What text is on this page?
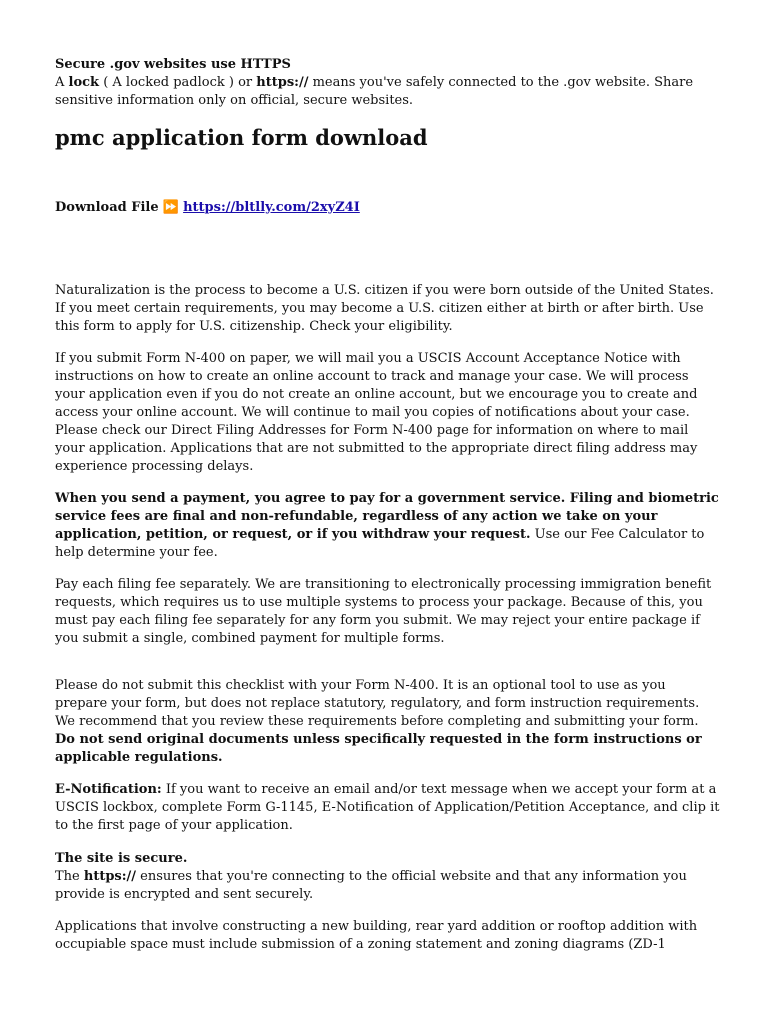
Secure .gov websites use HTTPS
A lock ( A locked padlock ) or https:// means you've safely connected to the .gov website. Share sensitive information only on official, secure websites.

pmc application form download

Download File ⏩ https://bltlly.com/2xyZ4I

Naturalization is the process to become a U.S. citizen if you were born outside of the United States. If you meet certain requirements, you may become a U.S. citizen either at birth or after birth. Use this form to apply for U.S. citizenship. Check your eligibility.

If you submit Form N-400 on paper, we will mail you a USCIS Account Acceptance Notice with instructions on how to create an online account to track and manage your case. We will process your application even if you do not create an online account, but we encourage you to create and access your online account. We will continue to mail you copies of notifications about your case. Please check our Direct Filing Addresses for Form N-400 page for information on where to mail your application. Applications that are not submitted to the appropriate direct filing address may experience processing delays.

When you send a payment, you agree to pay for a government service. Filing and biometric service fees are final and non-refundable, regardless of any action we take on your application, petition, or request, or if you withdraw your request. Use our Fee Calculator to help determine your fee.

Pay each filing fee separately. We are transitioning to electronically processing immigration benefit requests, which requires us to use multiple systems to process your package. Because of this, you must pay each filing fee separately for any form you submit. We may reject your entire package if you submit a single, combined payment for multiple forms.

Please do not submit this checklist with your Form N-400. It is an optional tool to use as you prepare your form, but does not replace statutory, regulatory, and form instruction requirements. We recommend that you review these requirements before completing and submitting your form. Do not send original documents unless specifically requested in the form instructions or applicable regulations.

E-Notification: If you want to receive an email and/or text message when we accept your form at a USCIS lockbox, complete Form G-1145, E-Notification of Application/Petition Acceptance, and clip it to the first page of your application.

The site is secure.
The https:// ensures that you're connecting to the official website and that any information you provide is encrypted and sent securely.

Applications that involve constructing a new building, rear yard addition or rooftop addition with occupiable space must include submission of a zoning statement and zoning diagrams (ZD-1
